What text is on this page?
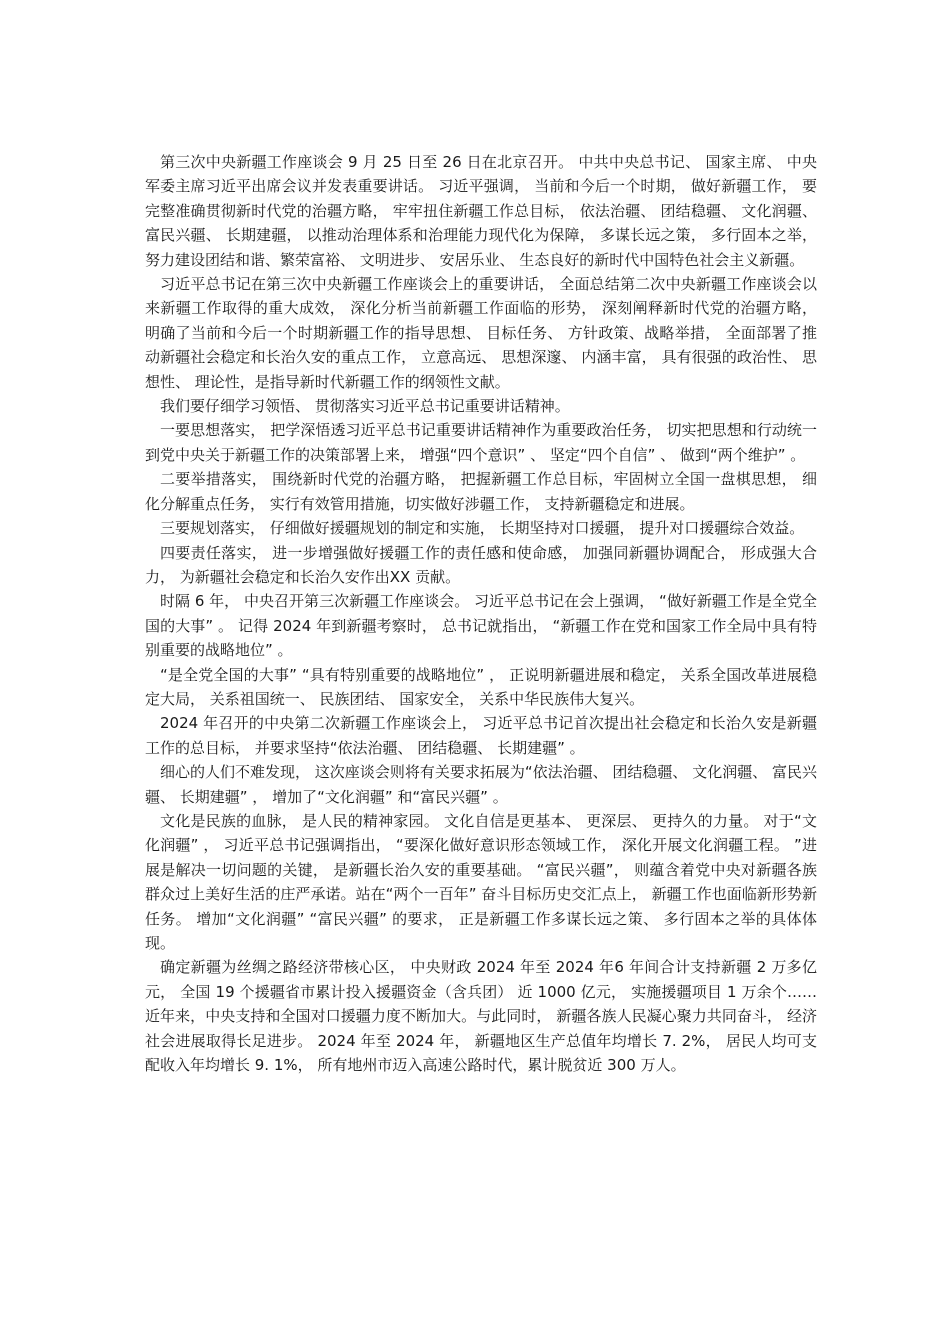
第三次中央新疆工作座谈会 9 月 25 日至 26 日在北京召开。 中共中央总书记、 国家主席、 中央军委主席习近平出席会议并发表重要讲话。 习近平强调， 当前和今后一个时期， 做好新疆工作， 要完整准确贯彻新时代党的治疆方略， 牢牢扭住新疆工作总目标， 依法治疆、 团结稳疆、 文化润疆、 富民兴疆、 长期建疆， 以推动治理体系和治理能力现代化为保障， 多谋长远之策， 多行固本之举， 努力建设团结和谐、繁荣富裕、 文明进步、 安居乐业、 生态良好的新时代中国特色社会主义新疆。

习近平总书记在第三次中央新疆工作座谈会上的重要讲话， 全面总结第二次中央新疆工作座谈会以来新疆工作取得的重大成效， 深化分析当前新疆工作面临的形势， 深刻阐释新时代党的治疆方略， 明确了当前和今后一个时期新疆工作的指导思想、 目标任务、 方针政策、战略举措， 全面部署了推动新疆社会稳定和长治久安的重点工作， 立意高远、 思想深邃、 内涵丰富， 具有很强的政治性、 思想性、 理论性，是指导新时代新疆工作的纲领性文献。

我们要仔细学习领悟、 贯彻落实习近平总书记重要讲话精神。

一要思想落实， 把学深悟透习近平总书记重要讲话精神作为重要政治任务， 切实把思想和行动统一到党中央关于新疆工作的决策部署上来， 增强“四个意识” 、 坚定“四个自信” 、 做到“两个维护” 。

二要举措落实， 围绕新时代党的治疆方略， 把握新疆工作总目标，牢固树立全国一盘棋思想， 细化分解重点任务， 实行有效管用措施，切实做好涉疆工作， 支持新疆稳定和进展。

三要规划落实， 仔细做好援疆规划的制定和实施， 长期坚持对口援疆， 提升对口援疆综合效益。

四要责任落实， 进一步增强做好援疆工作的责任感和使命感， 加强同新疆协调配合， 形成强大合力， 为新疆社会稳定和长治久安作出XX 贡献。

时隔 6 年， 中央召开第三次新疆工作座谈会。 习近平总书记在会上强调， “做好新疆工作是全党全国的大事” 。 记得 2024 年到新疆考察时， 总书记就指出， “新疆工作在党和国家工作全局中具有特别重要的战略地位” 。

“是全党全国的大事” “具有特别重要的战略地位” ， 正说明新疆进展和稳定， 关系全国改革进展稳定大局， 关系祖国统一、 民族团结、 国家安全， 关系中华民族伟大复兴。

2024 年召开的中央第二次新疆工作座谈会上， 习近平总书记首次提出社会稳定和长治久安是新疆工作的总目标， 并要求坚持“依法治疆、 团结稳疆、 长期建疆” 。

细心的人们不难发现， 这次座谈会则将有关要求拓展为“依法治疆、 团结稳疆、 文化润疆、 富民兴疆、 长期建疆” ， 增加了“文化润疆” 和“富民兴疆” 。

文化是民族的血脉， 是人民的精神家园。 文化自信是更基本、 更深层、 更持久的力量。 对于“文化润疆” ， 习近平总书记强调指出， “要深化做好意识形态领域工作， 深化开展文化润疆工程。 ”进展是解决一切问题的关键， 是新疆长治久安的重要基础。 “富民兴疆”， 则蕴含着党中央对新疆各族群众过上美好生活的庄严承诺。站在“两个一百年” 奋斗目标历史交汇点上， 新疆工作也面临新形势新任务。 增加“文化润疆” “富民兴疆” 的要求， 正是新疆工作多谋长远之策、 多行固本之举的具体体现。

确定新疆为丝绸之路经济带核心区， 中央财政 2024 年至 2024 年6 年间合计支持新疆 2 万多亿元， 全国 19 个援疆省市累计投入援疆资金（含兵团） 近 1000 亿元， 实施援疆项目 1 万余个……近年来，中央支持和全国对口援疆力度不断加大。与此同时， 新疆各族人民凝心聚力共同奋斗， 经济社会进展取得长足进步。 2024 年至 2024 年， 新疆地区生产总值年均增长 7. 2%， 居民人均可支配收入年均增长 9. 1%， 所有地州市迈入高速公路时代，累计脱贫近 300 万人。
